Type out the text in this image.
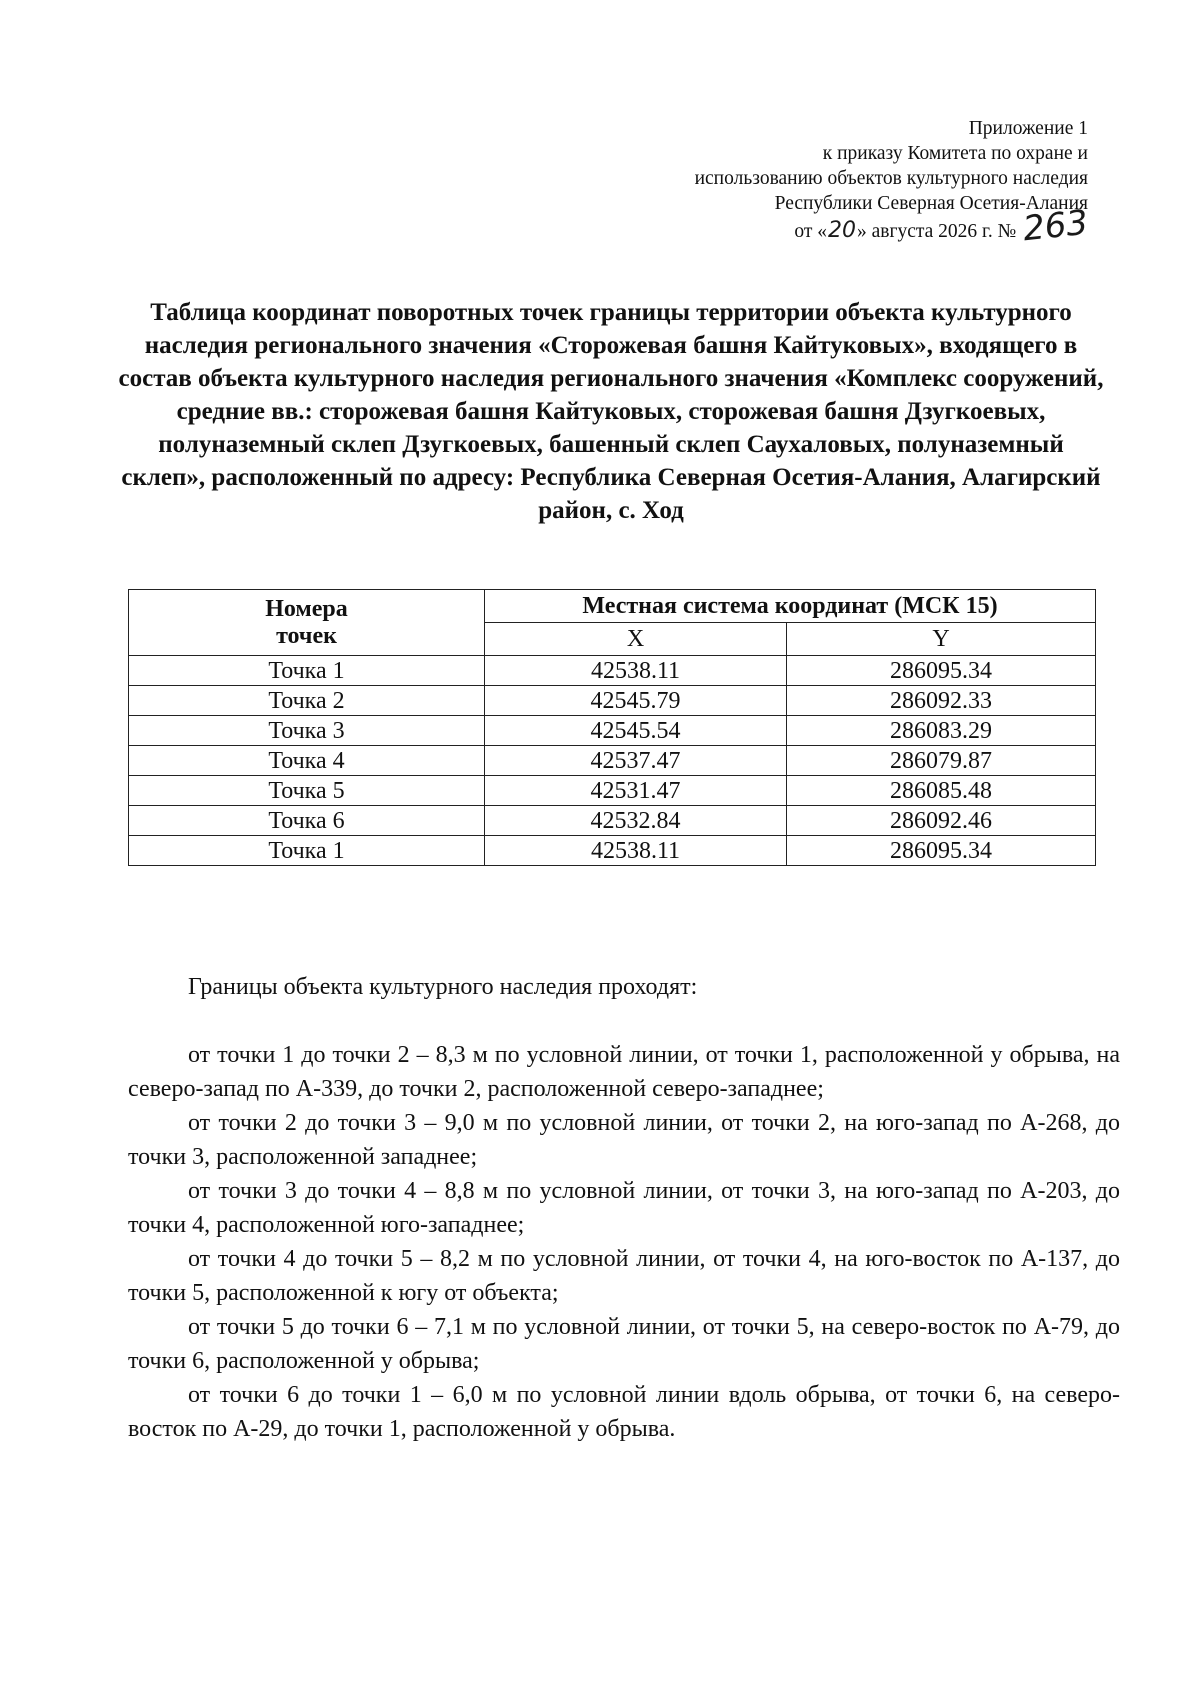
Приложение 1
к приказу Комитета по охране и
использованию объектов культурного наследия
Республики Северная Осетия-Алания
от «20» августа 2026 г. № 263
Таблица координат поворотных точек границы территории объекта культурного наследия регионального значения «Сторожевая башня Кайтуковых», входящего в состав объекта культурного наследия регионального значения «Комплекс сооружений, средние вв.: сторожевая башня Кайтуковых, сторожевая башня Дзугкоевых, полуназемный склеп Дзугкоевых, башенный склеп Саухаловых, полуназемный склеп», расположенный по адресу: Республика Северная Осетия-Алания, Алагирский район, с. Ход
Номера
точек	Местная система координат (МСК 15)	
	X	Y
Точка 1	42538.11	286095.34
Точка 2	42545.79	286092.33
Точка 3	42545.54	286083.29
Точка 4	42537.47	286079.87
Точка 5	42531.47	286085.48
Точка 6	42532.84	286092.46
Точка 1	42538.11	286095.34

Границы объекта культурного наследия проходят:

от точки 1 до точки 2 – 8,3 м по условной линии, от точки 1, расположенной у обрыва, на северо-запад по А-339, до точки 2, расположенной северо-западнее;

от точки 2 до точки 3 – 9,0 м по условной линии, от точки 2, на юго-запад по А-268, до точки 3, расположенной западнее;

от точки 3 до точки 4 – 8,8 м по условной линии, от точки 3, на юго-запад по А-203, до точки 4, расположенной юго-западнее;

от точки 4 до точки 5 – 8,2 м по условной линии, от точки 4, на юго-восток по А-137, до точки 5, расположенной к югу от объекта;

от точки 5 до точки 6 – 7,1 м по условной линии, от точки 5, на северо-восток по А-79, до точки 6, расположенной у обрыва;

от точки 6 до точки 1 – 6,0 м по условной линии вдоль обрыва, от точки 6, на северо-восток по А-29, до точки 1, расположенной у обрыва.
